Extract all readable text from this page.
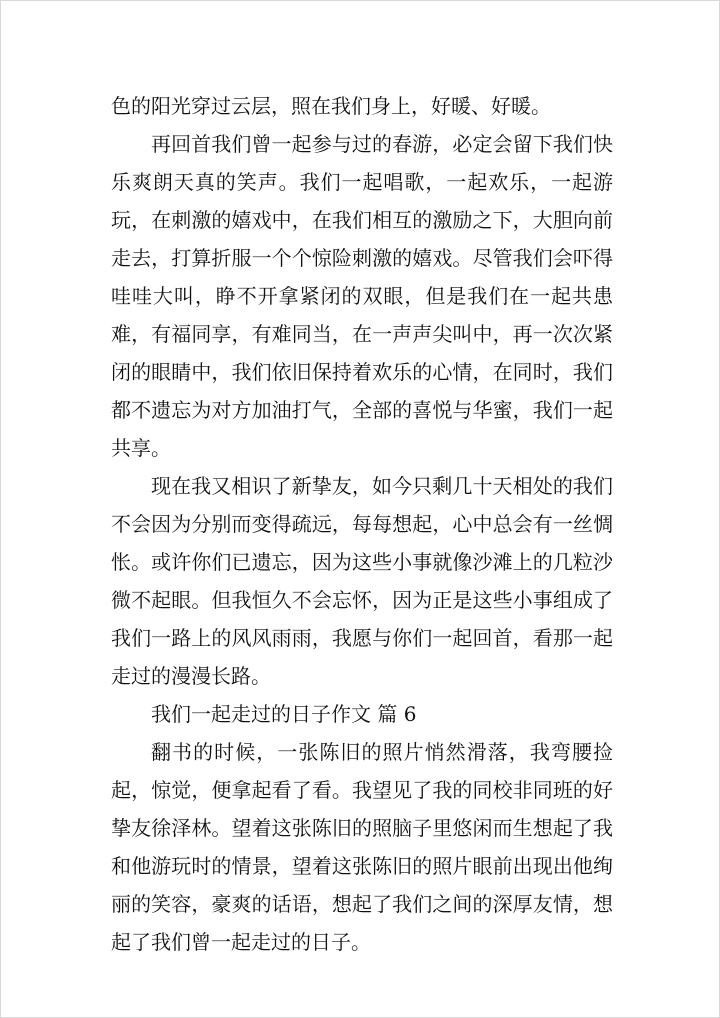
色的阳光穿过云层，照在我们身上，好暖、好暖。

再回首我们曾一起参与过的春游，必定会留下我们快乐爽朗天真的笑声。我们一起唱歌，一起欢乐，一起游玩，在刺激的嬉戏中，在我们相互的激励之下，大胆向前走去，打算折服一个个惊险刺激的嬉戏。尽管我们会吓得哇哇大叫，睁不开拿紧闭的双眼，但是我们在一起共患难，有福同享，有难同当，在一声声尖叫中，再一次次紧闭的眼睛中，我们依旧保持着欢乐的心情，在同时，我们都不遗忘为对方加油打气，全部的喜悦与华蜜，我们一起共享。

现在我又相识了新挚友，如今只剩几十天相处的我们不会因为分别而变得疏远，每每想起，心中总会有一丝惆怅。或许你们已遗忘，因为这些小事就像沙滩上的几粒沙微不起眼。但我恒久不会忘怀，因为正是这些小事组成了我们一路上的风风雨雨，我愿与你们一起回首，看那一起走过的漫漫长路。

我们一起走过的日子作文 篇 6

翻书的时候，一张陈旧的照片悄然滑落，我弯腰捡起，惊觉，便拿起看了看。我望见了我的同校非同班的好挚友徐泽林。望着这张陈旧的照脑子里悠闲而生想起了我和他游玩时的情景，望着这张陈旧的照片眼前出现出他绚丽的笑容，豪爽的话语，想起了我们之间的深厚友情，想起了我们曾一起走过的日子。
